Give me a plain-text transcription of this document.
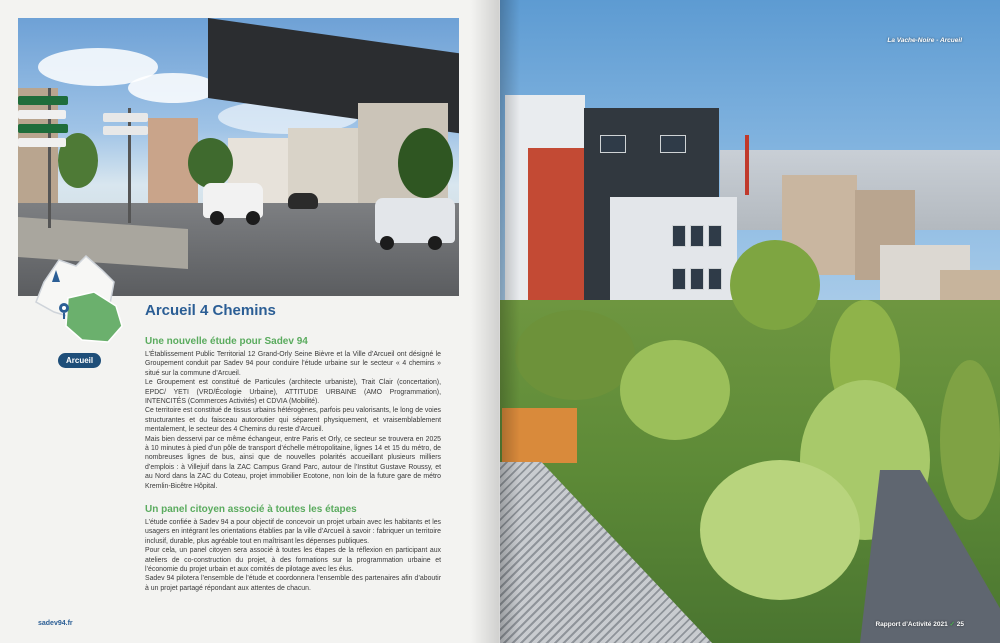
Arcueil
Arcueil 4 Chemins
Une nouvelle étude pour Sadev 94

L’Établissement Public Territorial 12 Grand-Orly Seine Bièvre et la Ville d’Arcueil ont désigné le Groupement conduit par Sadev 94 pour conduire l’étude urbaine sur le secteur « 4 chemins » situé sur la commune d’Arcueil.

Le Groupement est constitué de Particules (architecte urbaniste), Trait Clair (concertation), EPDC/ YETI (VRD/Écologie Urbaine), ATTITUDE URBAINE (AMO Programmation), INTENCITÉS (Commerces Activités) et CDVIA (Mobilité).

Ce territoire est constitué de tissus urbains hétérogènes, parfois peu valorisants, le long de voies structurantes et du faisceau autoroutier qui séparent physiquement, et vraisemblablement mentalement, le secteur des 4 Chemins du reste d’Arcueil.

Mais bien desservi par ce même échangeur, entre Paris et Orly, ce secteur se trouvera en 2025 à 10 minutes à pied d’un pôle de transport d’échelle métropolitaine, lignes 14 et 15 du métro, de nombreuses lignes de bus, ainsi que de nouvelles polarités accueillant plusieurs milliers d’emplois : à Villejuif dans la ZAC Campus Grand Parc, autour de l’Institut Gustave Roussy, et au Nord dans la ZAC du Coteau, projet immobilier Ecotone, non loin de la future gare de métro Kremlin-Bicêtre Hôpital.

Un panel citoyen associé à toutes les étapes

L’étude confiée à Sadev 94 a pour objectif de concevoir un projet urbain avec les habitants et les usagers en intégrant les orientations établies par la ville d’Arcueil à savoir : fabriquer un territoire inclusif, durable, plus agréable tout en maîtrisant les dépenses publiques.

Pour cela, un panel citoyen sera associé à toutes les étapes de la réflexion en participant aux ateliers de co-construction du projet, à des formations sur la programmation urbaine et l’économie du projet urbain et aux comités de pilotage avec les élus.

Sadev 94 pilotera l’ensemble de l’étude et coordonnera l’ensemble des partenaires afin d’aboutir à un projet partagé répondant aux attentes de chacun.

sadev94.fr
La Vache-Noire - Arcueil
Rapport d’Activité 2021 ✓ 25
